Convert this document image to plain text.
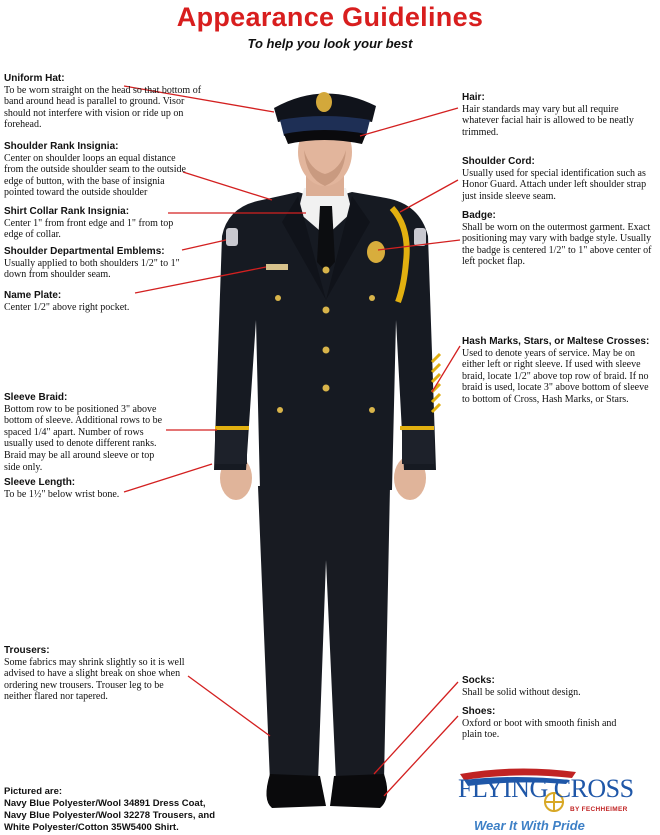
Appearance Guidelines
To help you look your best
Uniform Hat:
To be worn straight on the head so that bottom of band around head is parallel to ground. Visor should not interfere with vision or ride up on forehead.
Shoulder Rank Insignia:
Center on shoulder loops an equal distance from the outside shoulder seam to the outside edge of button, with the base of insignia pointed toward the outside shoulder
Shirt Collar Rank Insignia:
Center 1" from front edge and 1" from top edge of collar.
Shoulder Departmental Emblems:
Usually applied to both shoulders 1/2" to 1" down from shoulder seam.
Name Plate:
Center 1/2" above right pocket.
Sleeve Braid:
Bottom row to be positioned 3" above bottom of sleeve. Additional rows to be spaced 1/4" apart. Number of rows usually used to denote different ranks. Braid may be all around sleeve or top side only.
Sleeve Length:
To be 1½" below wrist bone.
Trousers:
Some fabrics may shrink slightly so it is well advised to have a slight break on shoe when ordering new trousers. Trouser leg to be neither flared nor tapered.
Hair:
Hair standards may vary but all require whatever facial hair is allowed to be neatly trimmed.
Shoulder Cord:
Usually used for special identification such as Honor Guard. Attach under left shoulder strap just inside sleeve seam.
Badge:
Shall be worn on the outermost garment. Exact positioning may vary with badge style. Usually the badge is centered 1/2" to 1" above center of left pocket flap.
Hash Marks, Stars, or Maltese Crosses:
Used to denote years of service. May be on either left or right sleeve. If used with sleeve braid, locate 1/2" above top row of braid. If no braid is used, locate 3" above bottom of sleeve to bottom of Cross, Hash Marks, or Stars.
Socks:
Shall be solid without design.
Shoes:
Oxford or boot with smooth finish and plain toe.
Pictured are:
Navy Blue Polyester/Wool 34891 Dress Coat,
Navy Blue Polyester/Wool 32278 Trousers, and
White Polyester/Cotton 35W5400 Shirt.
FLYING CROSS
BY FECHHEIMER
Wear It With Pride
